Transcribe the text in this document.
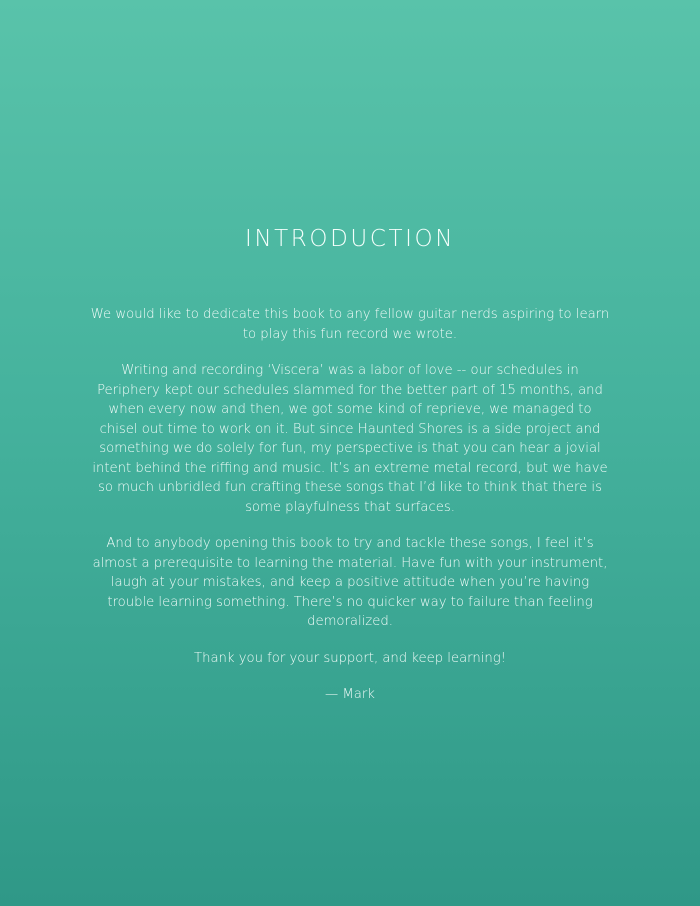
INTRODUCTION

We would like to dedicate this book to any fellow guitar nerds aspiring to learn to play this fun record we wrote.

Writing and recording ‘Viscera’ was a labor of love -- our schedules in Periphery kept our schedules slammed for the better part of 15 months, and when every now and then, we got some kind of reprieve, we managed to chisel out time to work on it. But since Haunted Shores is a side project and something we do solely for fun, my perspective is that you can hear a jovial intent behind the riffing and music. It’s an extreme metal record, but we have so much unbridled fun crafting these songs that I’d like to think that there is some playfulness that surfaces.

And to anybody opening this book to try and tackle these songs, I feel it’s almost a prerequisite to learning the material. Have fun with your instrument, laugh at your mistakes, and keep a positive attitude when you’re having trouble learning something. There’s no quicker way to failure than feeling demoralized.

Thank you for your support, and keep learning!

— Mark
